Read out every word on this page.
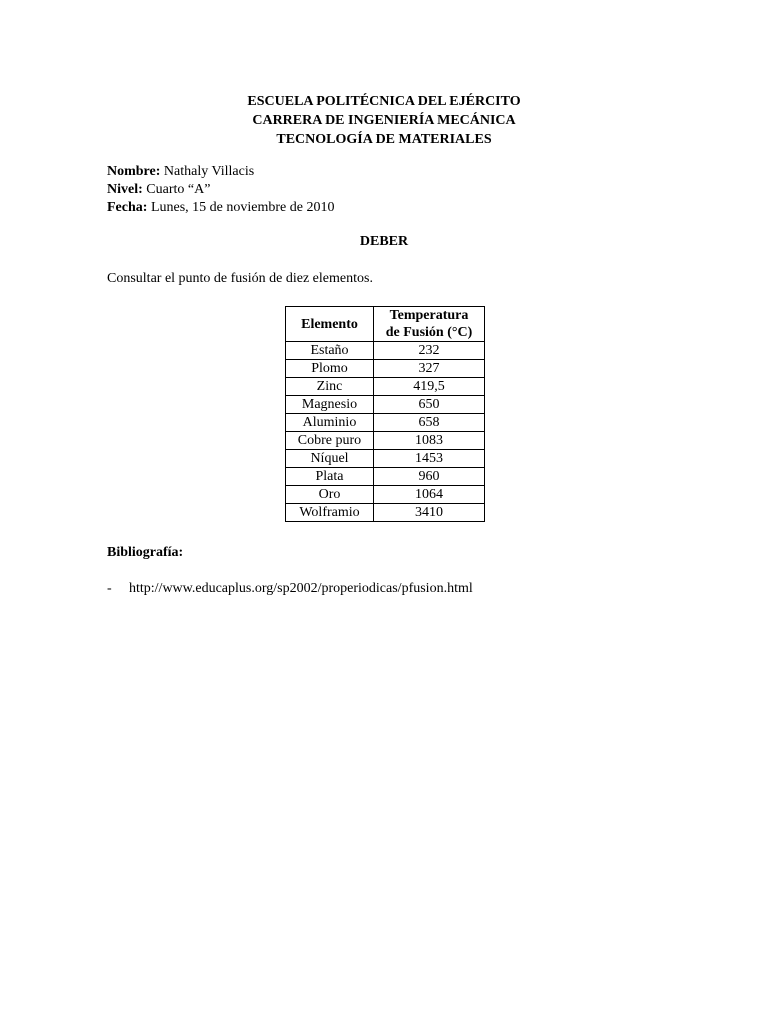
ESCUELA POLITÉCNICA DEL EJÉRCITO
CARRERA DE INGENIERÍA MECÁNICA
TECNOLOGÍA DE MATERIALES
Nombre: Nathaly Villacis
Nivel: Cuarto “A”
Fecha: Lunes, 15 de noviembre de 2010
DEBER
Consultar el punto de fusión de diez elementos.
Elemento	Temperatura
de Fusión (°C)

Estaño	232
Plomo	327
Zinc	419,5
Magnesio	650
Aluminio	658
Cobre puro	1083
Níquel	1453
Plata	960
Oro	1064
Wolframio	3410
Bibliografía:
- http://www.educaplus.org/sp2002/properiodicas/pfusion.html
